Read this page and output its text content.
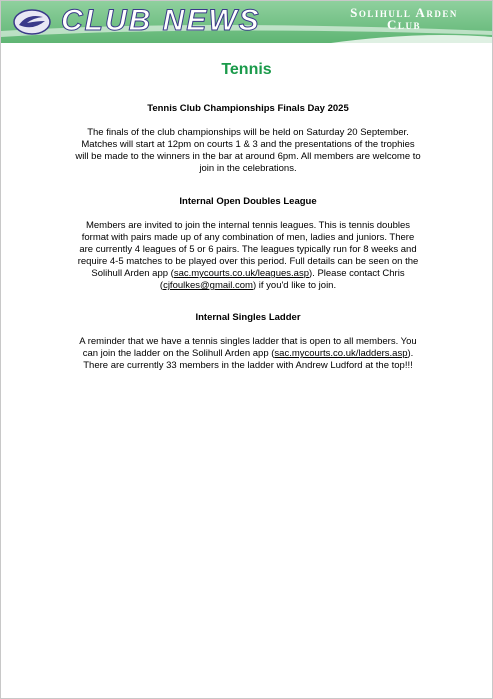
CLUB NEWS	Solihull Arden
Club
Tennis
Tennis Club Championships Finals Day 2025

The finals of the club championships will be held on Saturday 20 September. Matches will start at 12pm on courts 1 & 3 and the presentations of the trophies will be made to the winners in the bar at around 6pm. All members are welcome to join in the celebrations.

Internal Open Doubles League

Members are invited to join the internal tennis leagues. This is tennis doubles format with pairs made up of any combination of men, ladies and juniors. There are currently 4 leagues of 5 or 6 pairs. The leagues typically run for 8 weeks and require 4-5 matches to be played over this period. Full details can be seen on the Solihull Arden app (sac.mycourts.co.uk/leagues.asp). Please contact Chris (cjfoulkes@gmail.com) if you'd like to join.

Internal Singles Ladder

A reminder that we have a tennis singles ladder that is open to all members. You can join the ladder on the Solihull Arden app (sac.mycourts.co.uk/ladders.asp). There are currently 33 members in the ladder with Andrew Ludford at the top!!!
